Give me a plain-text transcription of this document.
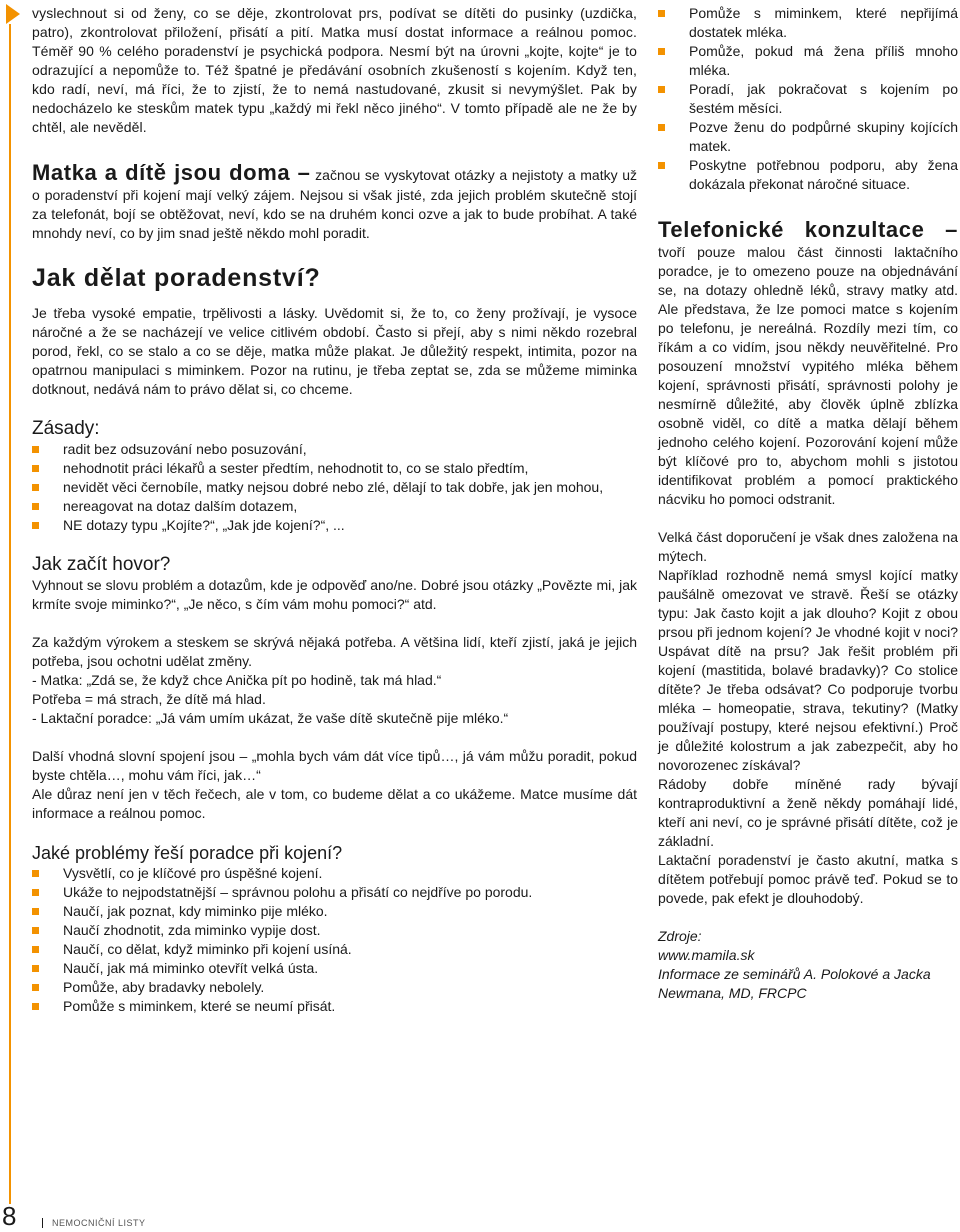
vyslechnout si od ženy, co se děje, zkontrolovat prs, podívat se dítěti do pusinky (uzdička, patro), zkontrolovat přiložení, přisátí a pití. Matka musí dostat informace a reálnou pomoc. Téměř 90 % celého poradenství je psychická podpora. Nesmí být na úrovni „kojte, kojte“ je to odrazující a nepomůže to. Též špatné je předávání osobních zkušeností s kojením. Když ten, kdo radí, neví, má říci, že to zjistí, že to nemá nastudované, zkusit si nevymýšlet. Pak by nedocházelo ke steskům matek typu „každý mi řekl něco jiného“. V tomto případě ale ne že by chtěl, ale nevěděl.

Matka a dítě jsou doma – začnou se vyskytovat otázky a nejistoty a matky už o poradenství při kojení mají velký zájem. Nejsou si však jisté, zda jejich problém skutečně stojí za telefonát, bojí se obtěžovat, neví, kdo se na druhém konci ozve a jak to bude probíhat. A také mnohdy neví, co by jim snad ještě někdo mohl poradit.

Jak dělat poradenství?

Je třeba vysoké empatie, trpělivosti a lásky. Uvědomit si, že to, co ženy prožívají, je vysoce náročné a že se nacházejí ve velice citlivém období. Často si přejí, aby s nimi někdo rozebral porod, řekl, co se stalo a co se děje, matka může plakat. Je důležitý respekt, intimita, pozor na opatrnou manipulaci s miminkem. Pozor na rutinu, je třeba zeptat se, zda se můžeme miminka dotknout, nedává nám to právo dělat si, co chceme.

Zásady:
radit bez odsuzování nebo posuzování,
nehodnotit práci lékařů a sester předtím, nehodnotit to, co se stalo předtím,
nevidět věci černobíle, matky nejsou dobré nebo zlé, dělají to tak dobře, jak jen mohou,
nereagovat na dotaz dalším dotazem,
NE dotazy typu „Kojíte?“, „Jak jde kojení?“, ...
Jak začít hovor?

Vyhnout se slovu problém a dotazům, kde je odpověď ano/ne. Dobré jsou otázky „Povězte mi, jak krmíte svoje miminko?“, „Je něco, s čím vám mohu pomoci?“ atd.

Za každým výrokem a steskem se skrývá nějaká potřeba. A většina lidí, kteří zjistí, jaká je jejich potřeba, jsou ochotni udělat změny.

- Matka: „Zdá se, že když chce Anička pít po hodině, tak má hlad.“

Potřeba = má strach, že dítě má hlad.

- Laktační poradce: „Já vám umím ukázat, že vaše dítě skutečně pije mléko.“

Další vhodná slovní spojení jsou – „mohla bych vám dát více tipů…, já vám můžu poradit, pokud byste chtěla…, mohu vám říci, jak…“

Ale důraz není jen v těch řečech, ale v tom, co budeme dělat a co ukážeme. Matce musíme dát informace a reálnou pomoc.

Jaké problémy řeší poradce při kojení?
Vysvětlí, co je klíčové pro úspěšné kojení.
Ukáže to nejpodstatnější – správnou polohu a přisátí co nejdříve po porodu.
Naučí, jak poznat, kdy miminko pije mléko.
Naučí zhodnotit, zda miminko vypije dost.
Naučí, co dělat, když miminko při kojení usíná.
Naučí, jak má miminko otevřít velká ústa.
Pomůže, aby bradavky nebolely.
Pomůže s miminkem, které se neumí přisát.
Pomůže s miminkem, které nepřijímá dostatek mléka.
Pomůže, pokud má žena příliš mnoho mléka.
Poradí, jak pokračovat s kojením po šestém měsíci.
Pozve ženu do podpůrné skupiny kojících matek.
Poskytne potřebnou podporu, aby žena dokázala překonat náročné situace.

Telefonické konzultace – tvoří pouze malou část činnosti laktačního poradce, je to omezeno pouze na objednávání se, na dotazy ohledně léků, stravy matky atd. Ale představa, že lze pomoci matce s kojením po telefonu, je nereálná. Rozdíly mezi tím, co říkám a co vidím, jsou někdy neuvěřitelné. Pro posouzení množství vypitého mléka během kojení, správnosti přisátí, správnosti polohy je nesmírně důležité, aby člověk úplně zblízka osobně viděl, co dítě a matka dělají během jednoho celého kojení. Pozorování kojení může být klíčové pro to, abychom mohli s jistotou identifikovat problém a pomocí praktického nácviku ho pomoci odstranit.

Velká část doporučení je však dnes založena na mýtech.

Například rozhodně nemá smysl kojící matky paušálně omezovat ve stravě. Řeší se otázky typu: Jak často kojit a jak dlouho? Kojit z obou prsou při jednom kojení? Je vhodné kojit v noci? Uspávat dítě na prsu? Jak řešit problém při kojení (mastitida, bolavé bradavky)? Co stolice dítěte? Je třeba odsávat? Co podporuje tvorbu mléka – homeopatie, strava, tekutiny? (Matky používají postupy, které nejsou efektivní.) Proč je důležité kolostrum a jak zabezpečit, aby ho novorozenec získával?

Rádoby dobře míněné rady bývají kontraproduktivní a ženě někdy pomáhají lidé, kteří ani neví, co je správné přisátí dítěte, což je základní.

Laktační poradenství je často akutní, matka s dítětem potřebují pomoc právě teď. Pokud se to povede, pak efekt je dlouhodobý.

Zdroje:

www.mamila.sk

Informace ze seminářů A. Polokové a Jacka Newmana, MD, FRCPC

8	NEMOCNIČNÍ LISTY
